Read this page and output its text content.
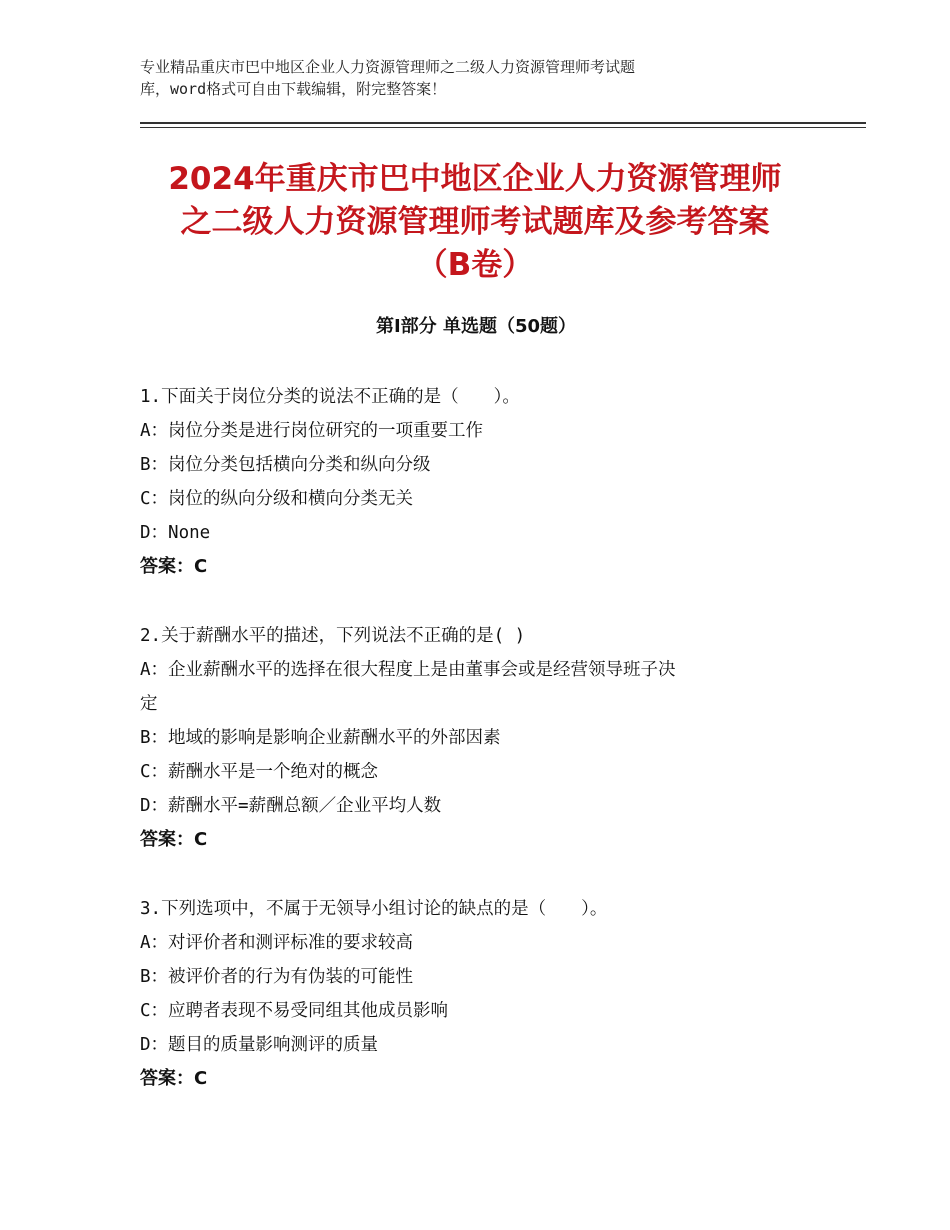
专业精品重庆市巴中地区企业人力资源管理师之二级人力资源管理师考试题
库，word格式可自由下载编辑，附完整答案！
2024年重庆市巴中地区企业人力资源管理师
之二级人力资源管理师考试题库及参考答案
（B卷）
第Ⅰ部分 单选题（50题）
1.下面关于岗位分类的说法不正确的是（　　）。
A：岗位分类是进行岗位研究的一项重要工作
B：岗位分类包括横向分类和纵向分级
C：岗位的纵向分级和横向分类无关
D：None
答案：C
2.关于薪酬水平的描述，下列说法不正确的是( )
A：企业薪酬水平的选择在很大程度上是由董事会或是经营领导班子决
定
B：地域的影响是影响企业薪酬水平的外部因素
C：薪酬水平是一个绝对的概念
D：薪酬水平=薪酬总额／企业平均人数
答案：C
3.下列选项中，不属于无领导小组讨论的缺点的是（　　）。
A：对评价者和测评标准的要求较高
B：被评价者的行为有伪装的可能性
C：应聘者表现不易受同组其他成员影响
D：题目的质量影响测评的质量
答案：C
